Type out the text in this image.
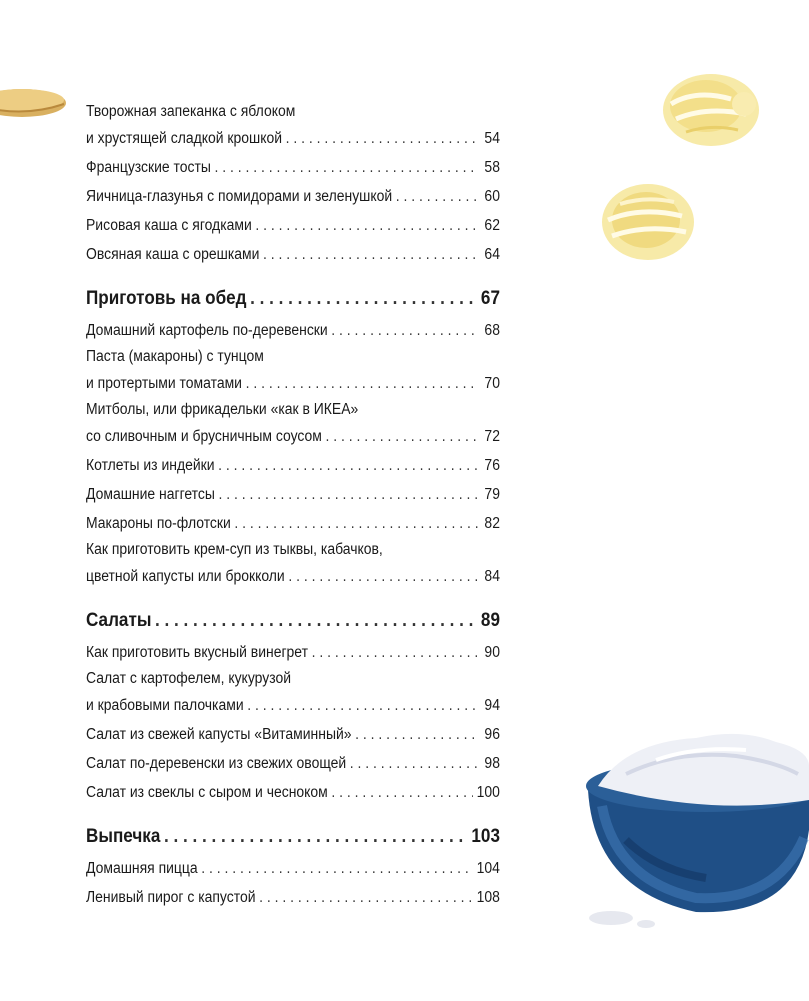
Творожная запеканка с яблоком
и хрустящей сладкой крошкой . . .	54
Французские тосты . . .	58
Яичница-глазунья с помидорами и зеленушкой . . .	60
Рисовая каша с ягодками . . .	62
Овсяная каша с орешками . . .	64
Приготовь на обед . . .	67
Домашний картофель по-деревенски . . .	68
Паста (макароны) с тунцом
и протертыми томатами . . .	70
Митболы, или фрикадельки «как в ИКЕА»
со сливочным и брусничным соусом . . .	72
Котлеты из индейки . . .	76
Домашние наггетсы . . .	79
Макароны по-флотски . . .	82
Как приготовить крем-суп из тыквы, кабачков,
цветной капусты или брокколи . . .	84
Салаты . . .	89
Как приготовить вкусный винегрет . . .	90
Салат с картофелем, кукурузой
и крабовыми палочками . . .	94
Салат из свежей капусты «Витаминный» . . .	96
Салат по-деревенски из свежих овощей . . .	98
Салат из свеклы с сыром и чесноком . . .	100
Выпечка . . .	103
Домашняя пицца . . .	104
Ленивый пирог с капустой . . .	108
